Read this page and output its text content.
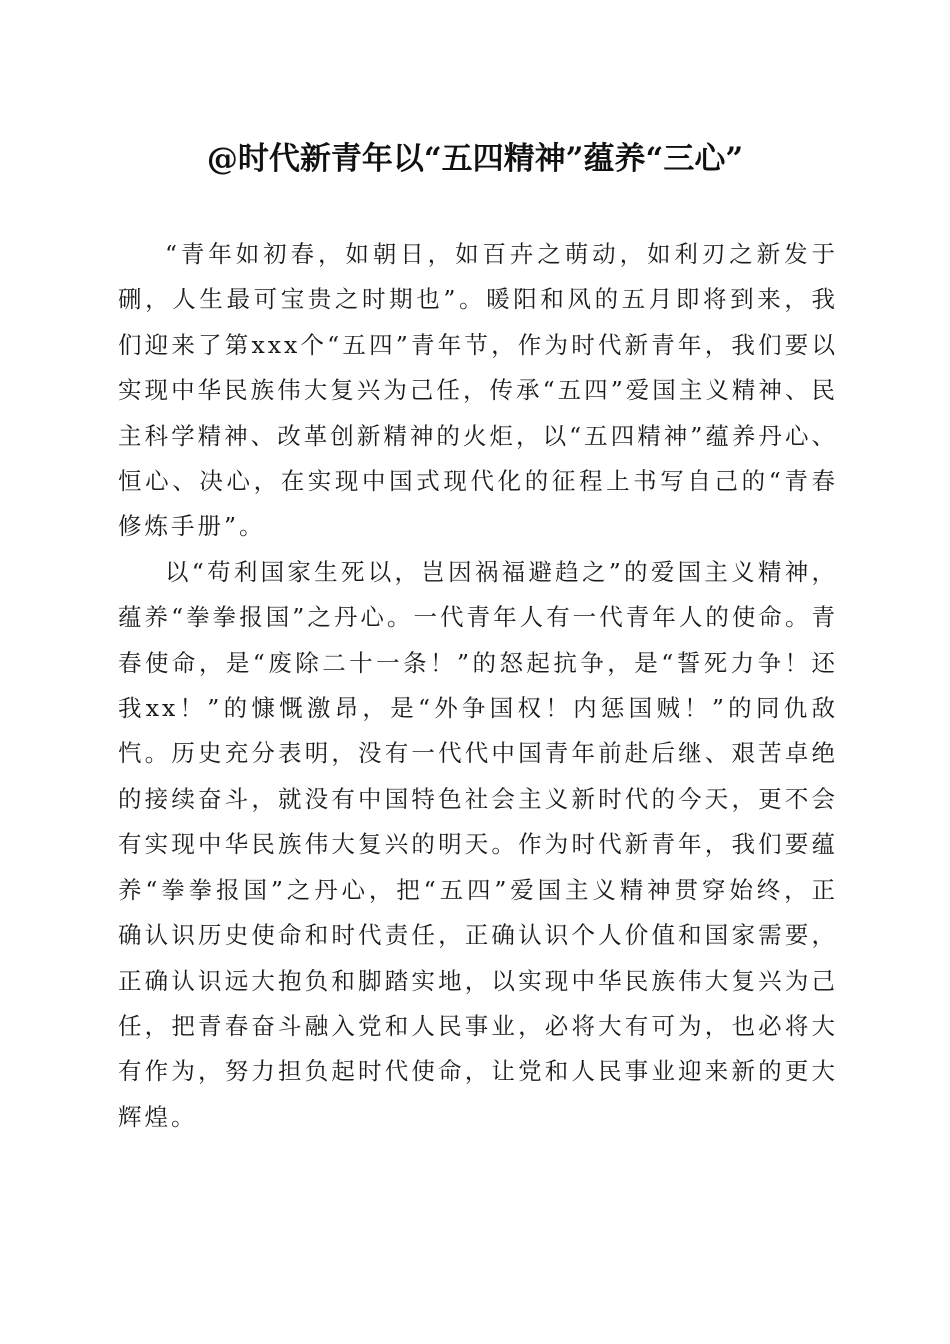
@时代新青年以“五四精神”蕴养“三心”

“青年如初春，如朝日，如百卉之萌动，如利刃之新发于硎，人生最可宝贵之时期也”。暖阳和风的五月即将到来，我们迎来了第xxx个“五四”青年节，作为时代新青年，我们要以实现中华民族伟大复兴为己任，传承“五四”爱国主义精神、民主科学精神、改革创新精神的火炬，以“五四精神”蕴养丹心、恒心、决心，在实现中国式现代化的征程上书写自己的“青春修炼手册”。

以“苟利国家生死以，岂因祸福避趋之”的爱国主义精神，蕴养“拳拳报国”之丹心。一代青年人有一代青年人的使命。青春使命，是“废除二十一条！”的怒起抗争，是“誓死力争！还我xx！”的慷慨激昂，是“外争国权！内惩国贼！”的同仇敌忾。历史充分表明，没有一代代中国青年前赴后继、艰苦卓绝的接续奋斗，就没有中国特色社会主义新时代的今天，更不会有实现中华民族伟大复兴的明天。作为时代新青年，我们要蕴养“拳拳报国”之丹心，把“五四”爱国主义精神贯穿始终，正确认识历史使命和时代责任，正确认识个人价值和国家需要，正确认识远大抱负和脚踏实地，以实现中华民族伟大复兴为己任，把青春奋斗融入党和人民事业，必将大有可为，也必将大有作为，努力担负起时代使命，让党和人民事业迎来新的更大辉煌。
